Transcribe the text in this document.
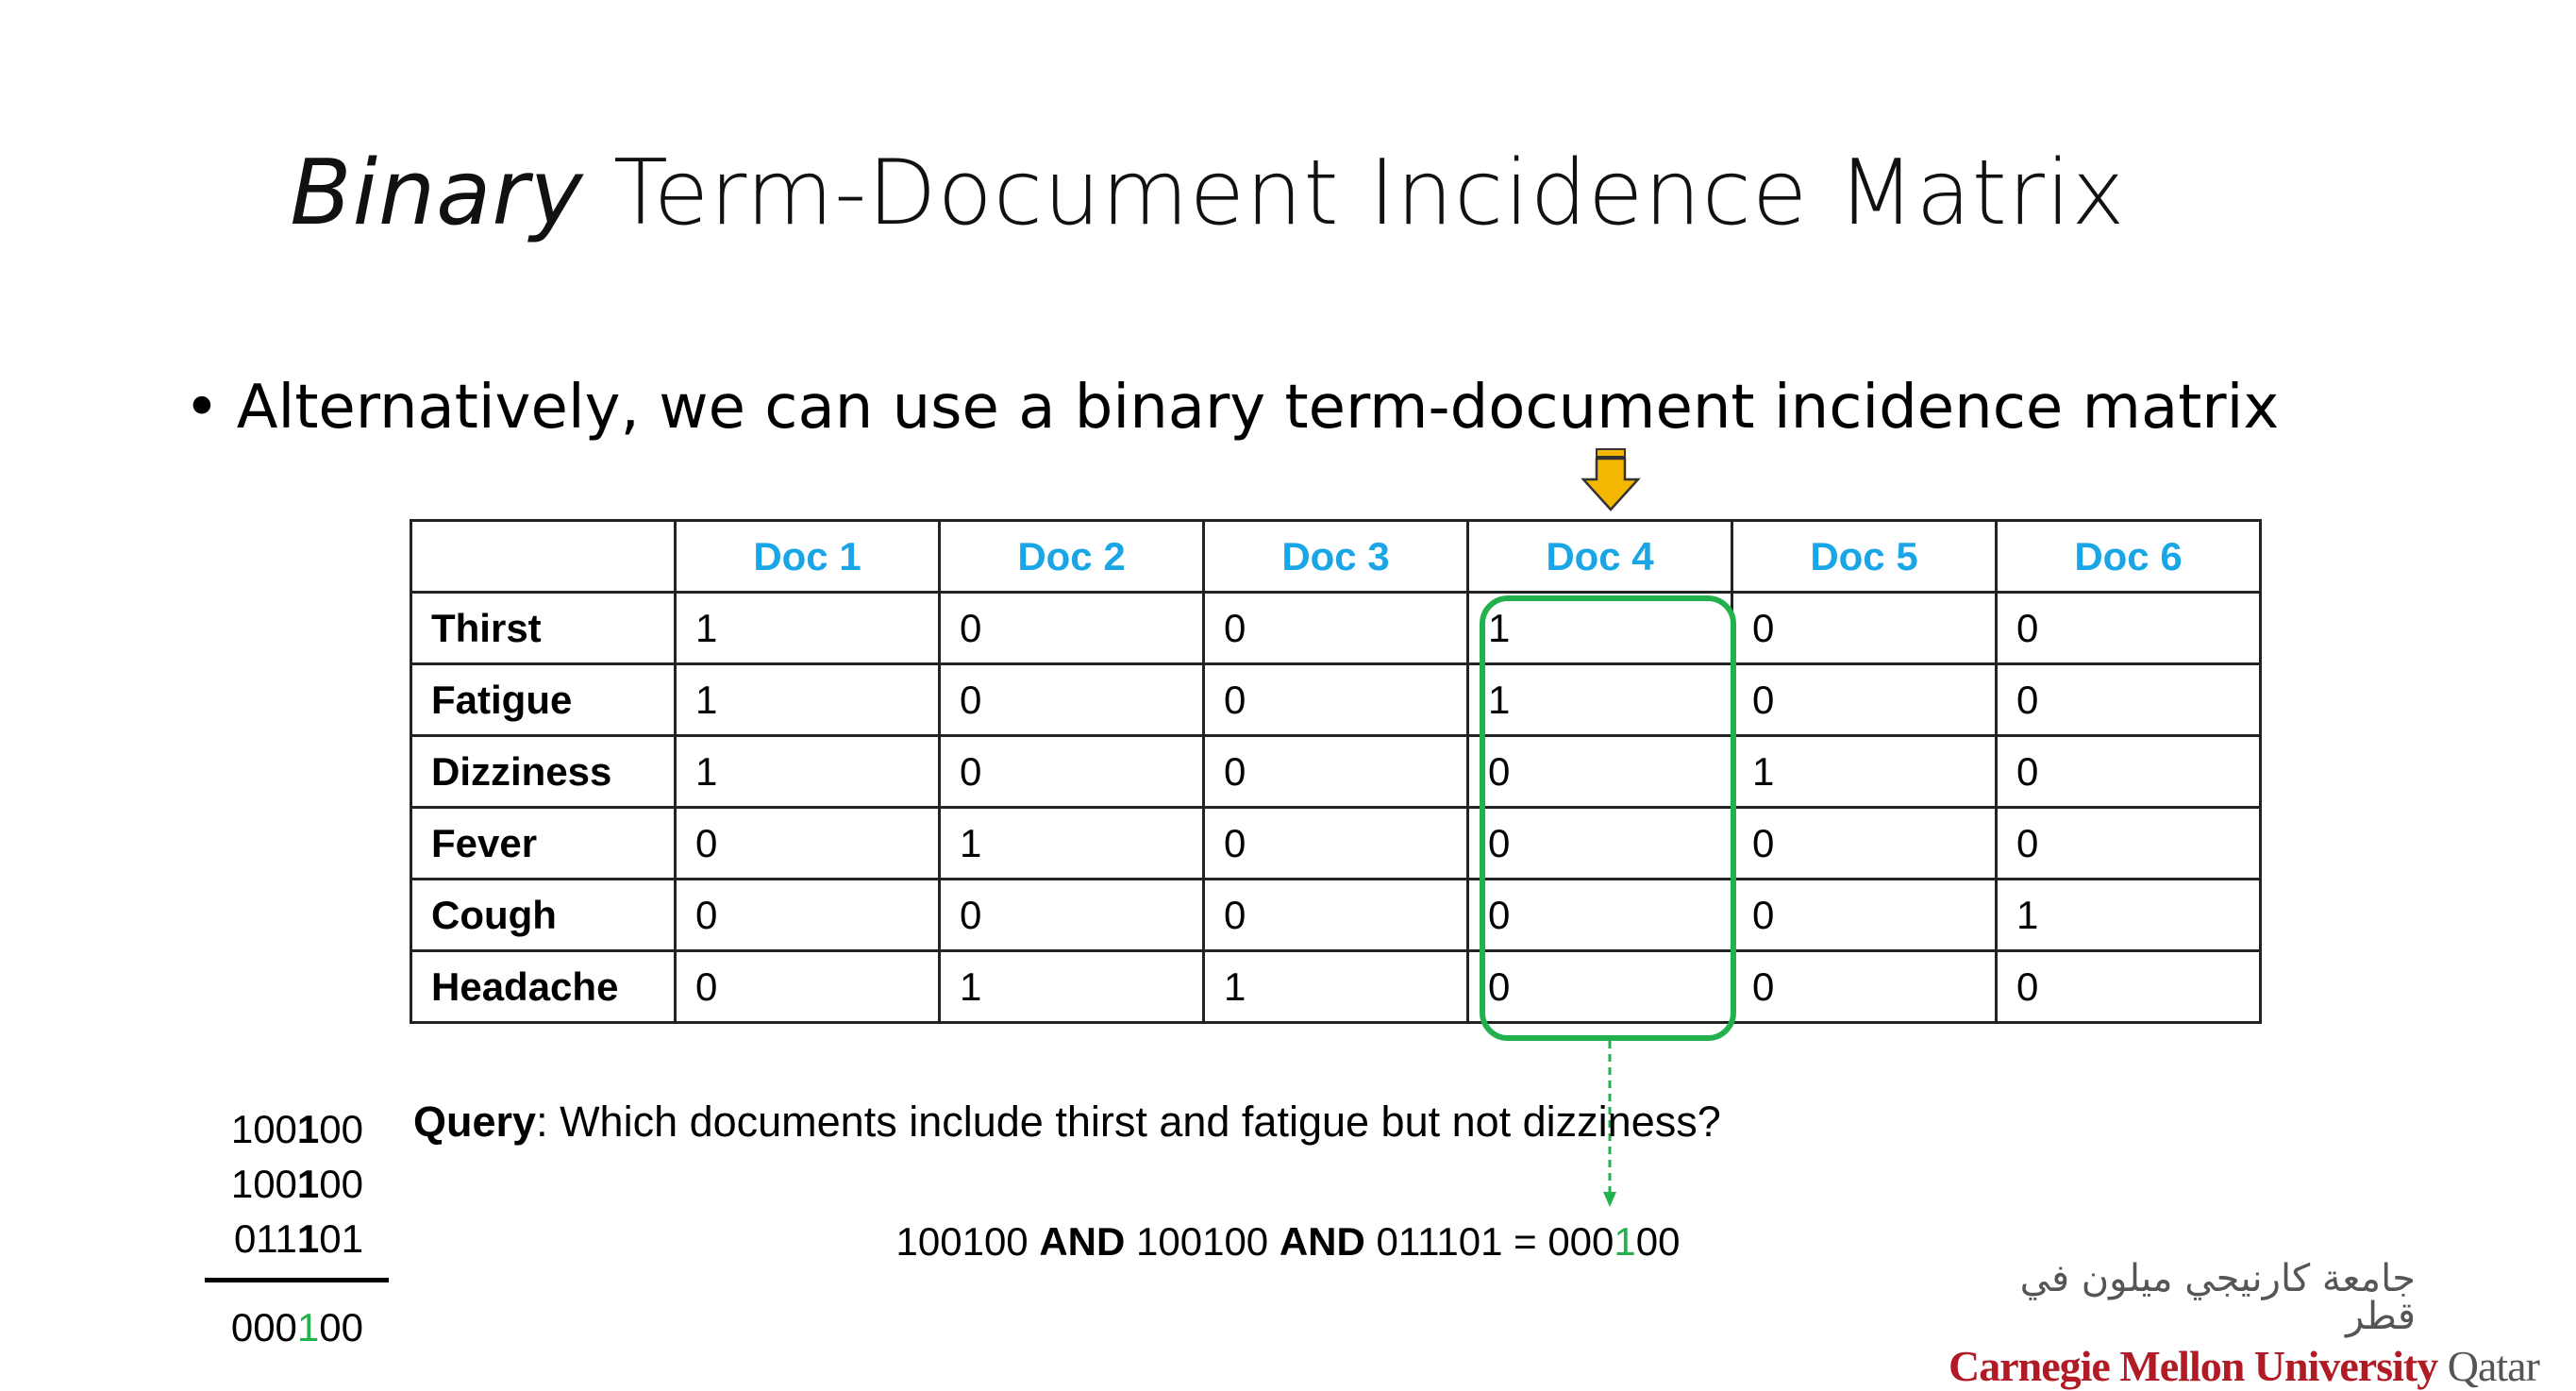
Binary Term-Document Incidence Matrix
• Alternatively, we can use a binary term-document incidence matrix
	Doc 1	Doc 2	Doc 3	Doc 4	Doc 5	Doc 6
Thirst	1	0	0	1	0	0
Fatigue	1	0	0	1	0	0
Dizziness	1	0	0	0	1	0
Fever	0	1	0	0	0	0
Cough	0	0	0	0	0	1
Headache	0	1	1	0	0	0
100100
100100
011101
000100
Query: Which documents include thirst and fatigue but not dizziness?
100100 AND 100100 AND 011101 = 000100
جامعة كارنيجي ميلون في قطر
Carnegie Mellon University Qatar
